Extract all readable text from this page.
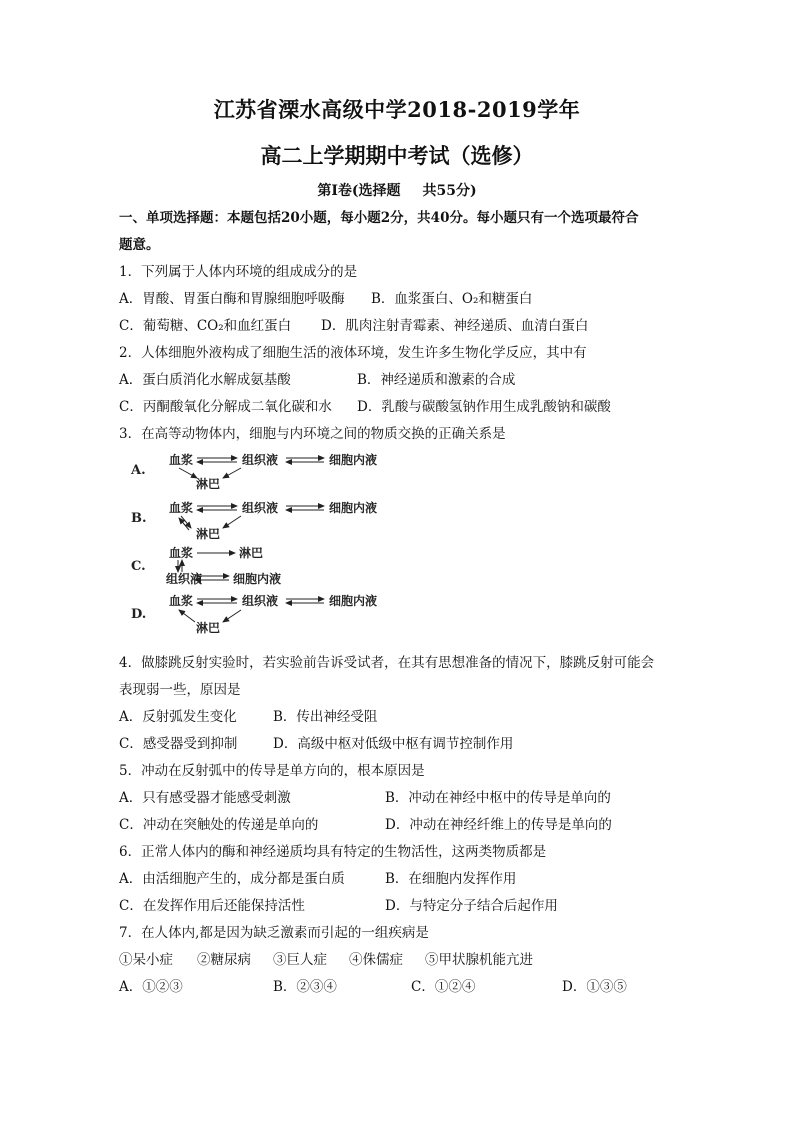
江苏省溧水高级中学2018-2019学年
高二上学期期中考试（选修）
第Ⅰ卷(选择题 共55分)
一、单项选择题：本题包括20小题，每小题2分，共40分。每小题只有一个选项最符合
题意。
1．下列属于人体内环境的组成成分的是
A．胃酸、胃蛋白酶和胃腺细胞呼吸酶 B．血浆蛋白、O₂和糖蛋白
C．葡萄糖、CO₂和血红蛋白 D．肌肉注射青霉素、神经递质、血清白蛋白
2．人体细胞外液构成了细胞生活的液体环境，发生许多生物化学反应，其中有
A．蛋白质消化水解成氨基酸	B．神经递质和激素的合成
C．丙酮酸氧化分解成二氧化碳和水 D．乳酸与碳酸氢钠作用生成乳酸钠和碳酸
3．在高等动物体内，细胞与内环境之间的物质交换的正确关系是
A.
血浆	组织液	细胞内液
淋巴
B.
血浆	组织液	细胞内液
淋巴
C.
血浆	淋巴
组织液	细胞内液
D.
血浆	组织液	细胞内液
淋巴
4．做膝跳反射实验时，若实验前告诉受试者，在其有思想准备的情况下，膝跳反射可能会
表现弱一些，原因是
A．反射弧发生变化	B．传出神经受阻
C．感受器受到抑制	D．高级中枢对低级中枢有调节控制作用
5．冲动在反射弧中的传导是单方向的，根本原因是
A．只有感受器才能感受刺激	B．冲动在神经中枢中的传导是单向的
C．冲动在突触处的传递是单向的	D．冲动在神经纤维上的传导是单向的
6．正常人体内的酶和神经递质均具有特定的生物活性，这两类物质都是
A．由活细胞产生的，成分都是蛋白质	B．在细胞内发挥作用
C．在发挥作用后还能保持活性	D．与特定分子结合后起作用
7．在人体内,都是因为缺乏激素而引起的一组疾病是
①呆小症 ②糖尿病 ③巨人症 ④侏儒症 ⑤甲状腺机能亢进
A．①②③	B．②③④	C．①②④	D．①③⑤
